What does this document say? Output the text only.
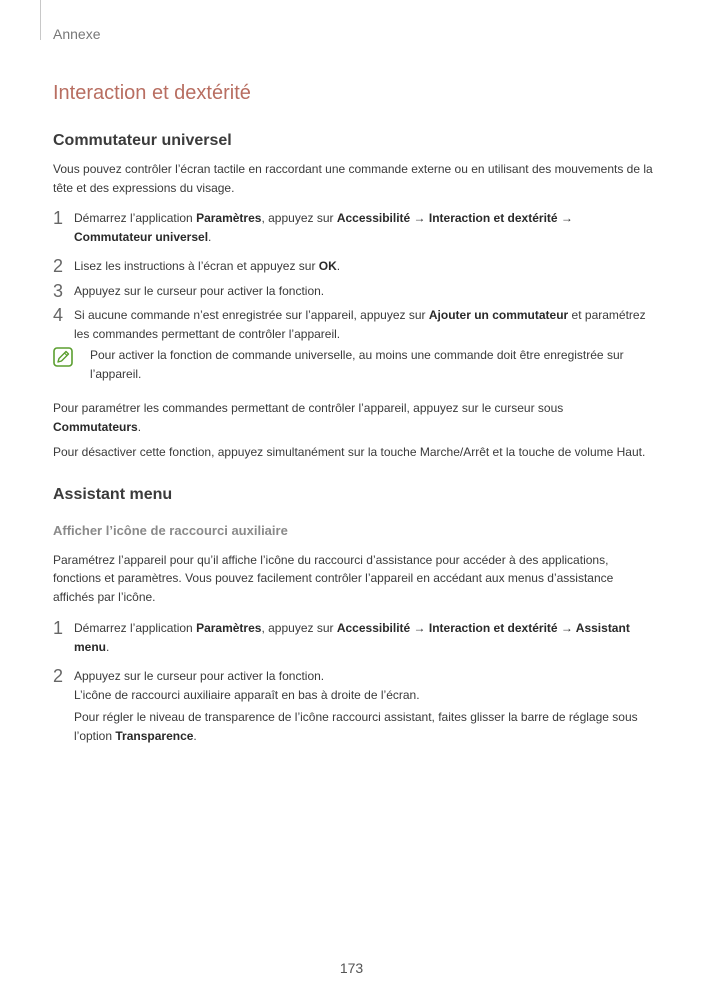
Annexe
Interaction et dextérité
Commutateur universel

Vous pouvez contrôler l’écran tactile en raccordant une commande externe ou en utilisant des mouvements de la tête et des expressions du visage.

1 Démarrez l’application Paramètres, appuyez sur Accessibilité → Interaction et dextérité → Commutateur universel.
2 Lisez les instructions à l’écran et appuyez sur OK.
3 Appuyez sur le curseur pour activer la fonction.
4 Si aucune commande n’est enregistrée sur l’appareil, appuyez sur Ajouter un commutateur et paramétrez les commandes permettant de contrôler l’appareil.

Pour activer la fonction de commande universelle, au moins une commande doit être enregistrée sur l’appareil.

Pour paramétrer les commandes permettant de contrôler l’appareil, appuyez sur le curseur sous Commutateurs.

Pour désactiver cette fonction, appuyez simultanément sur la touche Marche/Arrêt et la touche de volume Haut.

Assistant menu
Afficher l’icône de raccourci auxiliaire

Paramétrez l’appareil pour qu’il affiche l’icône du raccourci d’assistance pour accéder à des applications, fonctions et paramètres. Vous pouvez facilement contrôler l’appareil en accédant aux menus d’assistance affichés par l’icône.

1 Démarrez l’application Paramètres, appuyez sur Accessibilité → Interaction et dextérité → Assistant menu.
2 Appuyez sur le curseur pour activer la fonction.
L’icône de raccourci auxiliaire apparaît en bas à droite de l’écran.

Pour régler le niveau de transparence de l’icône raccourci assistant, faites glisser la barre de réglage sous l’option Transparence.

173
